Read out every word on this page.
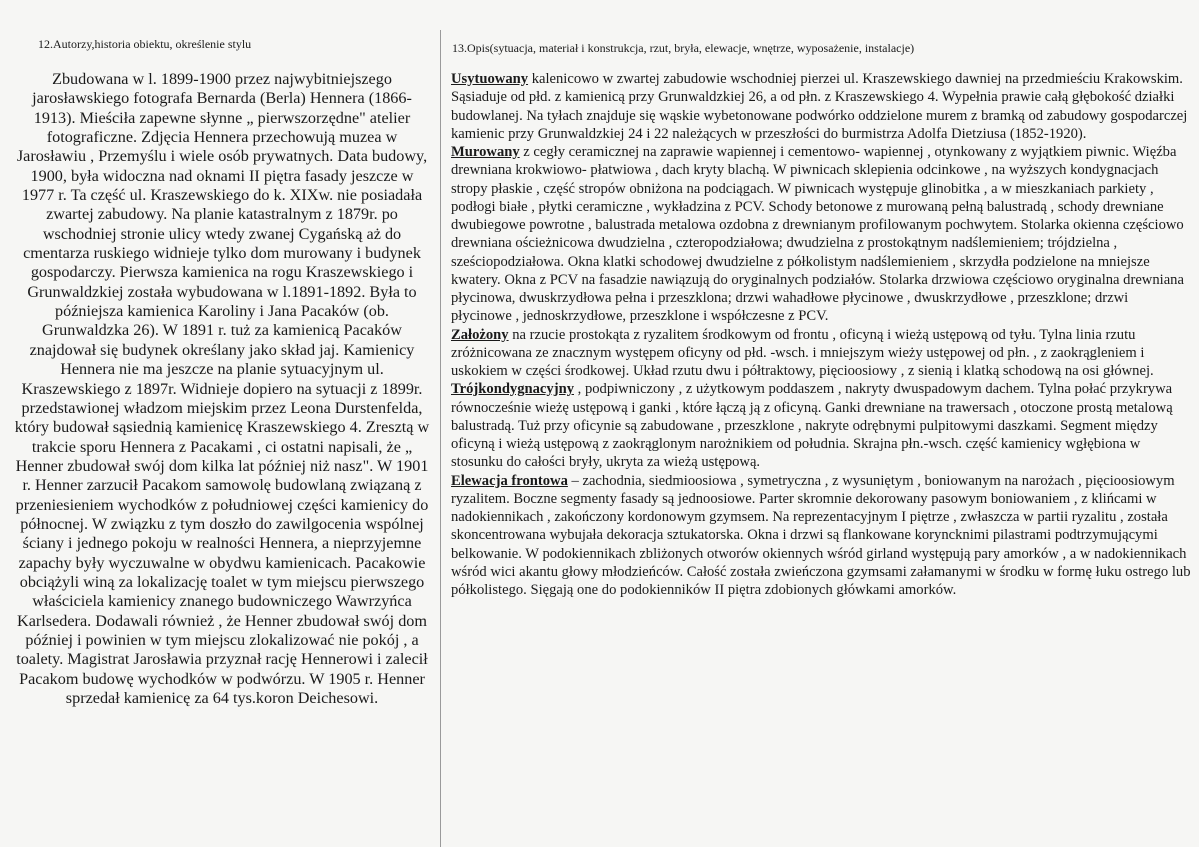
12.Autorzy,historia obiektu, określenie stylu

Zbudowana w l. 1899-1900 przez najwybitniejszego jarosławskiego fotografa Bernarda (Berla) Hennera (1866-1913). Mieściła zapewne słynne „ pierwszorzędne" atelier fotograficzne. Zdjęcia Hennera przechowują muzea w Jarosławiu , Przemyślu i wiele osób prywatnych. Data budowy, 1900, była widoczna nad oknami II piętra fasady jeszcze w 1977 r. Ta część ul. Kraszewskiego do k. XIXw. nie posiadała zwartej zabudowy. Na planie katastralnym z 1879r. po wschodniej stronie ulicy wtedy zwanej Cygańską aż do cmentarza ruskiego widnieje tylko dom murowany i budynek gospodarczy. Pierwsza kamienica na rogu Kraszewskiego i Grunwaldzkiej została wybudowana w l.1891-1892. Była to późniejsza kamienica Karoliny i Jana Pacaków (ob. Grunwaldzka 26). W 1891 r. tuż za kamienicą Pacaków znajdował się budynek określany jako skład jaj. Kamienicy Hennera nie ma jeszcze na planie sytuacyjnym ul. Kraszewskiego z 1897r. Widnieje dopiero na sytuacji z 1899r. przedstawionej władzom miejskim przez Leona Durstenfelda, który budował sąsiednią kamienicę Kraszewskiego 4. Zresztą w trakcie sporu Hennera z Pacakami , ci ostatni napisali, że „ Henner zbudował swój dom kilka lat później niż nasz". W 1901 r. Henner zarzucił Pacakom samowolę budowlaną związaną z przeniesieniem wychodków z południowej części kamienicy do północnej. W związku z tym doszło do zawilgocenia wspólnej ściany i jednego pokoju w realności Hennera, a nieprzyjemne zapachy były wyczuwalne w obydwu kamienicach. Pacakowie obciążyli winą za lokalizację toalet w tym miejscu pierwszego właściciela kamienicy znanego budowniczego Wawrzyńca Karlsedera. Dodawali również , że Henner zbudował swój dom później i powinien w tym miejscu zlokalizować nie pokój , a toalety. Magistrat Jarosławia przyznał rację Hennerowi i zalecił Pacakom budowę wychodków w podwórzu. W 1905 r. Henner sprzedał kamienicę za 64 tys.koron Deichesowi.

13.Opis(sytuacja, materiał i konstrukcja, rzut, bryła, elewacje, wnętrze, wyposażenie, instalacje)
Usytuowany kalenicowo w zwartej zabudowie wschodniej pierzei ul. Kraszewskiego dawniej na przedmieściu Krakowskim. Sąsiaduje od płd. z kamienicą przy Grunwaldzkiej 26, a od płn. z Kraszewskiego 4. Wypełnia prawie całą głębokość działki budowlanej. Na tyłach znajduje się wąskie wybetonowane podwórko oddzielone murem z bramką od zabudowy gospodarczej kamienic przy Grunwaldzkiej 24 i 22 należących w przeszłości do burmistrza Adolfa Dietziusa (1852-1920).
Murowany z cegły ceramicznej na zaprawie wapiennej i cementowo- wapiennej , otynkowany z wyjątkiem piwnic. Więźba drewniana krokwiowo- płatwiowa , dach kryty blachą. W piwnicach sklepienia odcinkowe , na wyższych kondygnacjach stropy płaskie , część stropów obniżona na podciągach. W piwnicach występuje glinobitka , a w mieszkaniach parkiety , podłogi białe , płytki ceramiczne , wykładzina z PCV. Schody betonowe z murowaną pełną balustradą , schody drewniane dwubiegowe powrotne , balustrada metalowa ozdobna z drewnianym profilowanym pochwytem. Stolarka okienna częściowo drewniana ościeżnicowa dwudzielna , czteropodziałowa; dwudzielna z prostokątnym nadślemieniem; trójdzielna , sześciopodziałowa. Okna klatki schodowej dwudzielne z półkolistym nadślemieniem , skrzydła podzielone na mniejsze kwatery. Okna z PCV na fasadzie nawiązują do oryginalnych podziałów. Stolarka drzwiowa częściowo oryginalna drewniana płycinowa, dwuskrzydłowa pełna i przeszklona; drzwi wahadłowe płycinowe , dwuskrzydłowe , przeszklone; drzwi płycinowe , jednoskrzydłowe, przeszklone i współczesne z PCV.
Założony na rzucie prostokąta z ryzalitem środkowym od frontu , oficyną i wieżą ustępową od tyłu. Tylna linia rzutu zróżnicowana ze znacznym występem oficyny od płd. -wsch. i mniejszym wieży ustępowej od płn. , z zaokrągleniem i uskokiem w części środkowej. Układ rzutu dwu i półtraktowy, pięcioosiowy , z sienią i klatką schodową na osi głównej.
Trójkondygnacyjny , podpiwniczony , z użytkowym poddaszem , nakryty dwuspadowym dachem. Tylna połać przykrywa równocześnie wieżę ustępową i ganki , które łączą ją z oficyną. Ganki drewniane na trawersach , otoczone prostą metalową balustradą. Tuż przy oficynie są zabudowane , przeszklone , nakryte odrębnymi pulpitowymi daszkami. Segment między oficyną i wieżą ustępową z zaokrąglonym narożnikiem od południa. Skrajna płn.-wsch. część kamienicy wgłębiona w stosunku do całości bryły, ukryta za wieżą ustępową.
Elewacja frontowa – zachodnia, siedmioosiowa , symetryczna , z wysuniętym , boniowanym na narożach , pięcioosiowym ryzalitem. Boczne segmenty fasady są jednoosiowe. Parter skromnie dekorowany pasowym boniowaniem , z klińcami w nadokiennikach , zakończony kordonowym gzymsem. Na reprezentacyjnym I piętrze , zwłaszcza w partii ryzalitu , została skoncentrowana wybujała dekoracja sztukatorska. Okna i drzwi są flankowane koryncknimi pilastrami podtrzymującymi belkowanie. W podokiennikach zbliżonych otworów okiennych wśród girland występują pary amorków , a w nadokiennikach wśród wici akantu głowy młodzieńców. Całość została zwieńczona gzymsami załamanymi w środku w formę łuku ostrego lub półkolistego. Sięgają one do podokienników II piętra zdobionych główkami amorków.
